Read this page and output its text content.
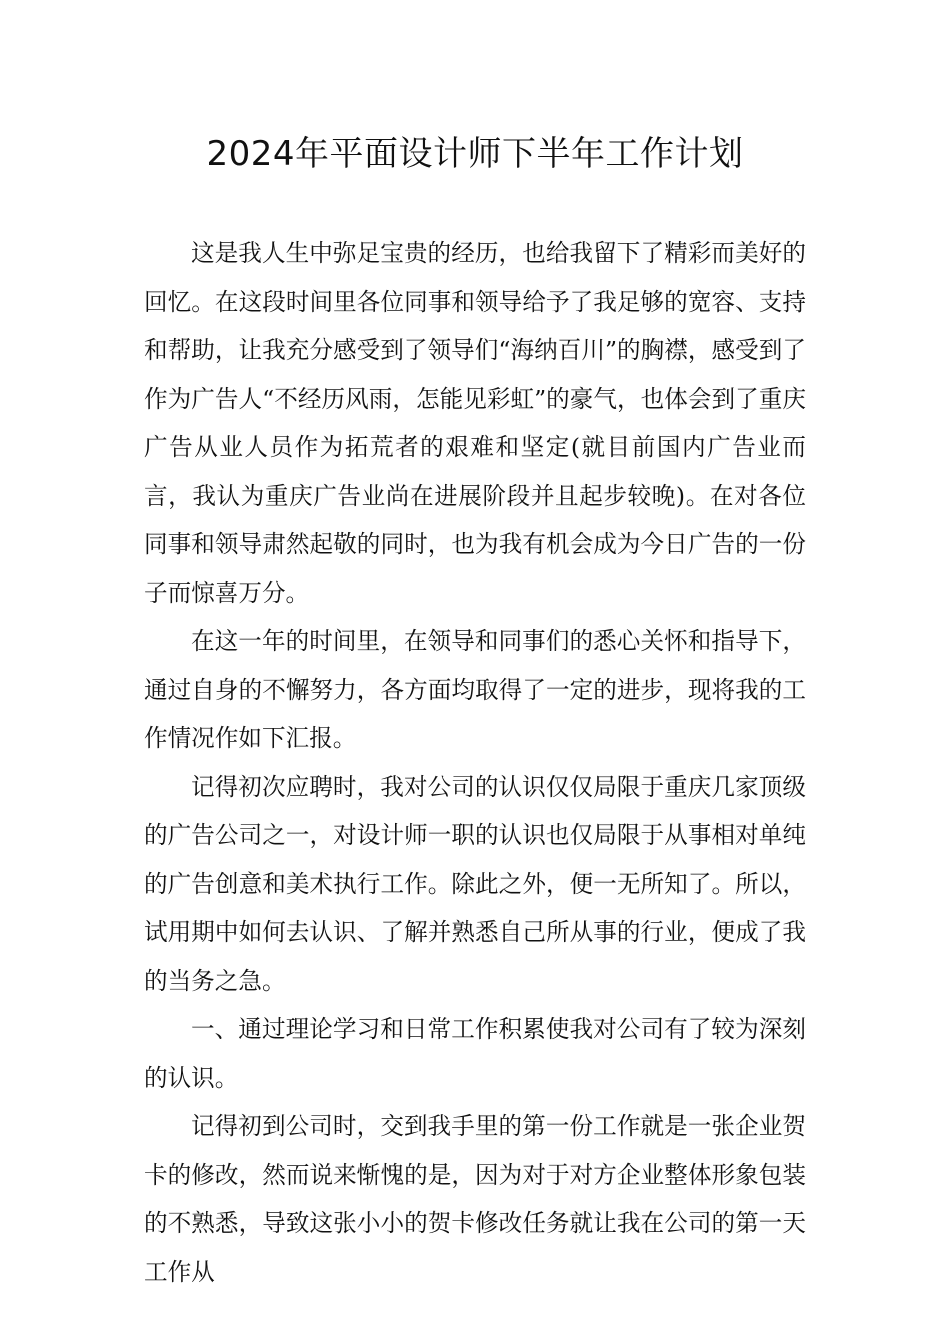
2024年平面设计师下半年工作计划

这是我人生中弥足宝贵的经历，也给我留下了精彩而美好的回忆。在这段时间里各位同事和领导给予了我足够的宽容、支持和帮助，让我充分感受到了领导们“海纳百川”的胸襟，感受到了作为广告人“不经历风雨，怎能见彩虹”的豪气，也体会到了重庆广告从业人员作为拓荒者的艰难和坚定(就目前国内广告业而言，我认为重庆广告业尚在进展阶段并且起步较晚)。在对各位同事和领导肃然起敬的同时，也为我有机会成为今日广告的一份子而惊喜万分。

在这一年的时间里，在领导和同事们的悉心关怀和指导下，通过自身的不懈努力，各方面均取得了一定的进步，现将我的工作情况作如下汇报。

记得初次应聘时，我对公司的认识仅仅局限于重庆几家顶级的广告公司之一，对设计师一职的认识也仅局限于从事相对单纯的广告创意和美术执行工作。除此之外，便一无所知了。所以，试用期中如何去认识、了解并熟悉自己所从事的行业，便成了我的当务之急。

一、通过理论学习和日常工作积累使我对公司有了较为深刻的认识。

记得初到公司时，交到我手里的第一份工作就是一张企业贺卡的修改，然而说来惭愧的是，因为对于对方企业整体形象包装的不熟悉，导致这张小小的贺卡修改任务就让我在公司的第一天工作从
